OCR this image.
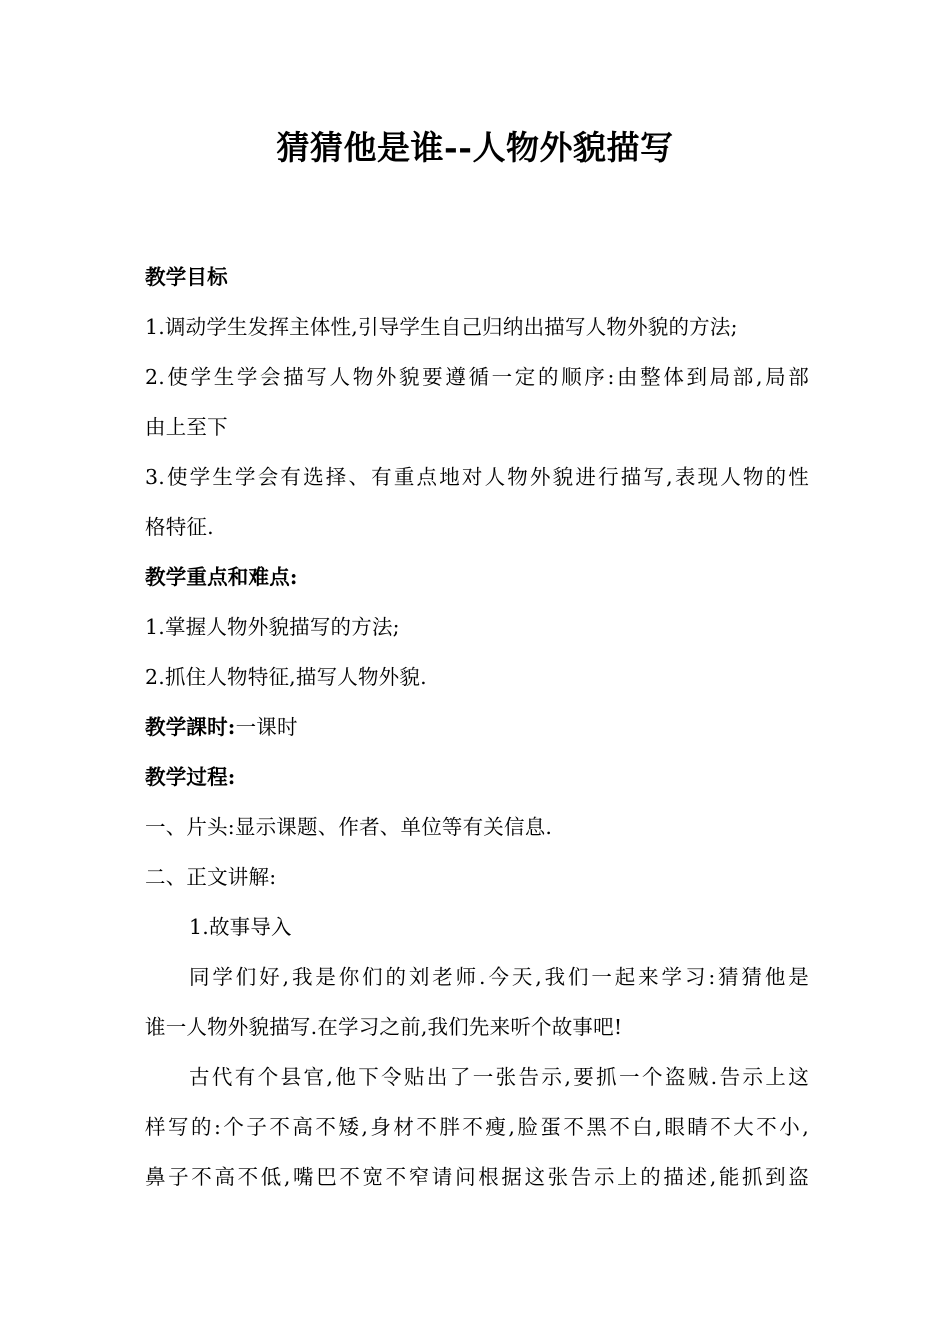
猜猜他是谁--人物外貌描写
教学目标
1.调动学生发挥主体性,引导学生自己归纳出描写人物外貌的方法;
2.使学生学会描写人物外貌要遵循一定的顺序:由整体到局部,局部
由上至下
3.使学生学会有选择、有重点地对人物外貌进行描写,表现人物的性
格特征.
教学重点和难点:
1.掌握人物外貌描写的方法;
2.抓住人物特征,描写人物外貌.
教学課时:一课时
教学过程:
一、片头:显示课题、作者、单位等有关信息.
二、正文讲解:
1.故事导入
同学们好,我是你们的刘老师.今天,我们一起来学习:猜猜他是
谁一人物外貌描写.在学习之前,我们先来听个故事吧!
古代有个县官,他下令贴出了一张告示,要抓一个盗贼.告示上这
样写的:个子不高不矮,身材不胖不瘦,脸蛋不黑不白,眼睛不大不小,
鼻子不高不低,嘴巴不宽不窄请问根据这张告示上的描述,能抓到盗
